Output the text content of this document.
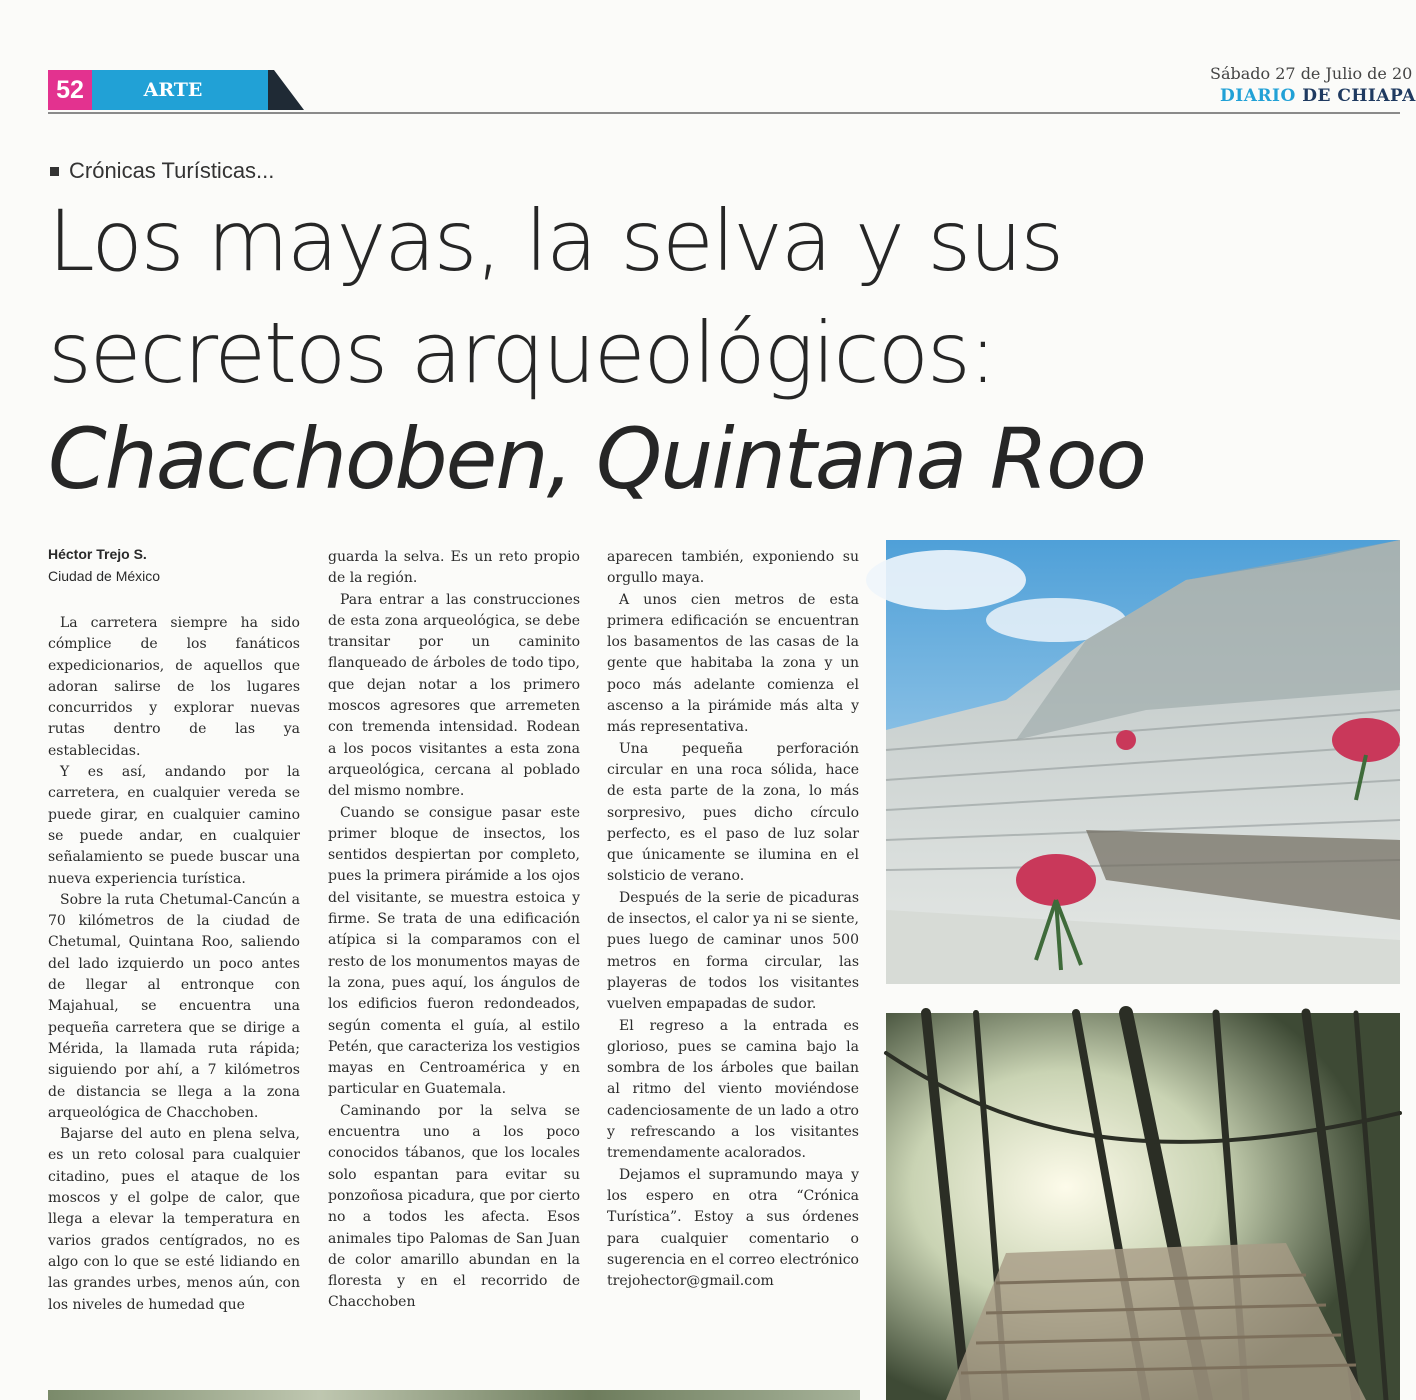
52	ARTE
Sábado 27 de Julio de 20
DIARIO DE CHIAPA
Crónicas Turísticas...
Los mayas, la selva y sus
secretos arqueológicos:
Chacchoben, Quintana Roo
Héctor Trejo S.
Ciudad de México

La carretera siempre ha sido cómplice de los fanáticos expedicionarios, de aquellos que adoran salirse de los lugares concurridos y explorar nuevas rutas dentro de las ya establecidas.

Y es así, andando por la carretera, en cualquier vereda se puede girar, en cualquier camino se puede andar, en cualquier señalamiento se puede buscar una nueva experiencia turística.

Sobre la ruta Chetumal-Cancún a 70 kilómetros de la ciudad de Chetumal, Quintana Roo, saliendo del lado izquierdo un poco antes de llegar al entronque con Majahual, se encuentra una pequeña carretera que se dirige a Mérida, la llamada ruta rápida; siguiendo por ahí, a 7 kilómetros de distancia se llega a la zona arqueológica de Chacchoben.

Bajarse del auto en plena selva, es un reto colosal para cualquier citadino, pues el ataque de los moscos y el golpe de calor, que llega a elevar la temperatura en varios grados centígrados, no es algo con lo que se esté lidiando en las grandes urbes, menos aún, con los niveles de humedad que

guarda la selva. Es un reto propio de la región.

Para entrar a las construcciones de esta zona arqueológica, se debe transitar por un caminito flanqueado de árboles de todo tipo, que dejan notar a los primero moscos agresores que arremeten con tremenda intensidad. Rodean a los pocos visitantes a esta zona arqueológica, cercana al poblado del mismo nombre.

Cuando se consigue pasar este primer bloque de insectos, los sentidos despiertan por completo, pues la primera pirámide a los ojos del visitante, se muestra estoica y firme. Se trata de una edificación atípica si la comparamos con el resto de los monumentos mayas de la zona, pues aquí, los ángulos de los edificios fueron redondeados, según comenta el guía, al estilo Petén, que caracteriza los vestigios mayas en Centroamérica y en particular en Guatemala.

Caminando por la selva se encuentra uno a los poco conocidos tábanos, que los locales solo espantan para evitar su ponzoñosa picadura, que por cierto no a todos les afecta. Esos animales tipo Palomas de San Juan de color amarillo abundan en la floresta y en el recorrido de Chacchoben

aparecen también, exponiendo su orgullo maya.

A unos cien metros de esta primera edificación se encuentran los basamentos de las casas de la gente que habitaba la zona y un poco más adelante comienza el ascenso a la pirámide más alta y más representativa.

Una pequeña perforación circular en una roca sólida, hace de esta parte de la zona, lo más sorpresivo, pues dicho círculo perfecto, es el paso de luz solar que únicamente se ilumina en el solsticio de verano.

Después de la serie de picaduras de insectos, el calor ya ni se siente, pues luego de caminar unos 500 metros en forma circular, las playeras de todos los visitantes vuelven empapadas de sudor.

El regreso a la entrada es glorioso, pues se camina bajo la sombra de los árboles que bailan al ritmo del viento moviéndose cadenciosamente de un lado a otro y refrescando a los visitantes tremendamente acalorados.

Dejamos el supramundo maya y los espero en otra “Crónica Turística”. Estoy a sus órdenes para cualquier comentario o sugerencia en el correo electrónico trejohector@gmail.com
